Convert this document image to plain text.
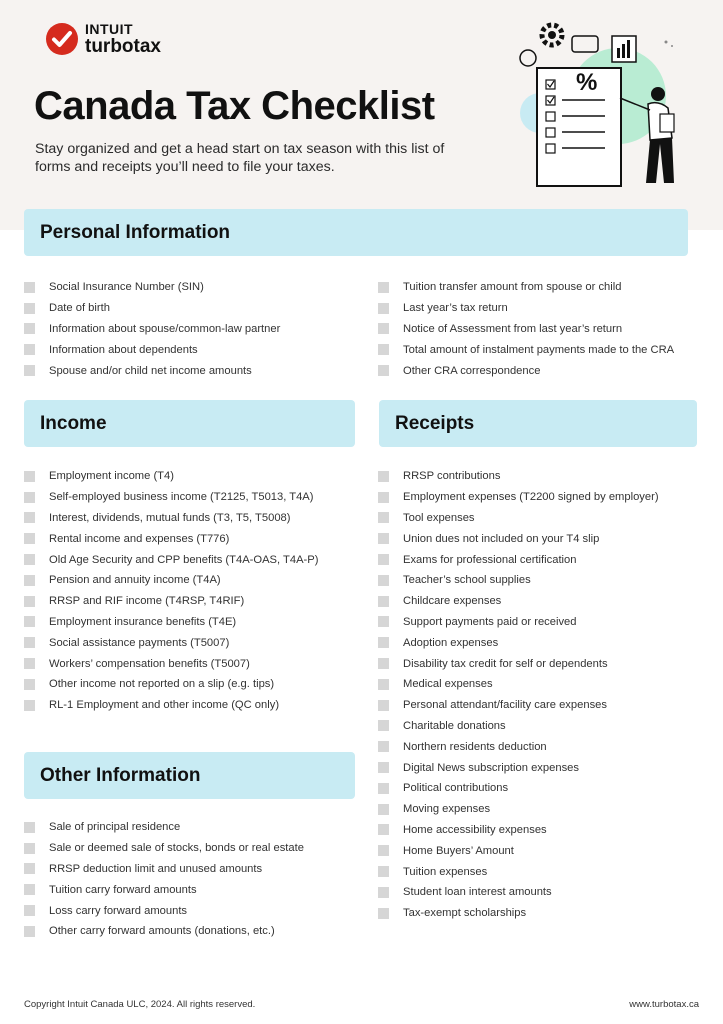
INTUIT
turbotax
Canada Tax Checklist

Stay organized and get a head start on tax season with this list of forms and receipts you’ll need to file your taxes.

%
Personal Information
Social Insurance Number (SIN)
Date of birth
Information about spouse/common-law partner
Information about dependents
Spouse and/or child net income amounts
Tuition transfer amount from spouse or child
Last year’s tax return
Notice of Assessment from last year’s return
Total amount of instalment payments made to the CRA
Other CRA correspondence
Income
Employment income (T4)
Self-employed business income (T2125, T5013, T4A)
Interest, dividends, mutual funds (T3, T5, T5008)
Rental income and expenses (T776)
Old Age Security and CPP benefits (T4A-OAS, T4A-P)
Pension and annuity income (T4A)
RRSP and RIF income (T4RSP, T4RIF)
Employment insurance benefits (T4E)
Social assistance payments (T5007)
Workers’ compensation benefits (T5007)
Other income not reported on a slip (e.g. tips)
RL-1 Employment and other income (QC only)
Receipts
RRSP contributions
Employment expenses (T2200 signed by employer)
Tool expenses
Union dues not included on your T4 slip
Exams for professional certification
Teacher’s school supplies
Childcare expenses
Support payments paid or received
Adoption expenses
Disability tax credit for self or dependents
Medical expenses
Personal attendant/facility care expenses
Charitable donations
Northern residents deduction
Digital News subscription expenses
Political contributions
Moving expenses
Home accessibility expenses
Home Buyers’ Amount
Tuition expenses
Student loan interest amounts
Tax-exempt scholarships
Other Information
Sale of principal residence
Sale or deemed sale of stocks, bonds or real estate
RRSP deduction limit and unused amounts
Tuition carry forward amounts
Loss carry forward amounts
Other carry forward amounts (donations, etc.)
Copyright Intuit Canada ULC, 2024. All rights reserved.	www.turbotax.ca
